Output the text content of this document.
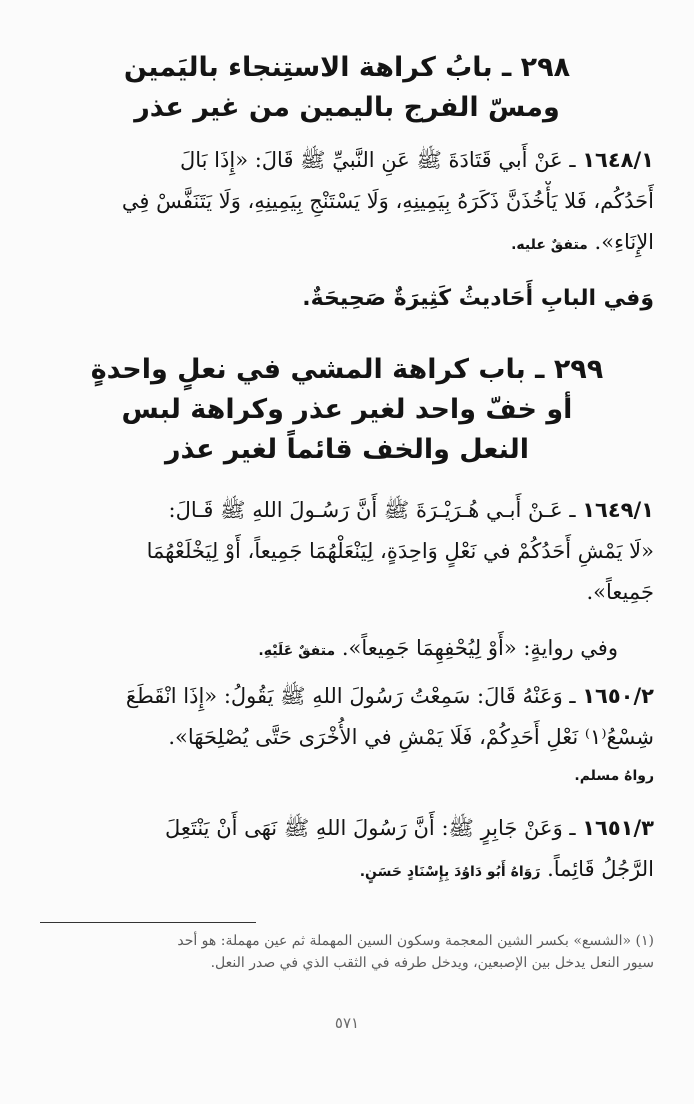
٢٩٨ ـ بابُ كراهة الاستِنجاء باليَمين
ومسّ الفرج باليمين من غير عذر
١٦٤٨/١ ـ عَنْ أَبي قَتَادَةَ ﷺ عَنِ النَّبيِّ ﷺ قَالَ: «إِذَا بَالَ
أَحَدُكُم، فَلا يَأْخُذَنَّ ذَكَرَهُ بِيَمِينِهِ، وَلَا يَسْتَنْجِ بِيَمِينِهِ، وَلَا يَتَنَفَّسْ فِي
الإِنَاءِ». متفقٌ عليه.
وَفي البابِ أَحَاديثُ كَثِيرَةٌ صَحِيحَةٌ.
٢٩٩ ـ باب كراهة المشي في نعلٍ واحدةٍ
أو خفّ واحد لغير عذر وكراهة لبس
النعل والخف قائماً لغير عذر
١٦٤٩/١ ـ عَـنْ أَبـي هُـرَيْـرَةَ ﷺ أَنَّ رَسُـولَ اللهِ ﷺ قَـالَ:
«لَا يَمْشِ أَحَدُكُمْ في نَعْلٍ وَاحِدَةٍ، لِيَنْعَلْهُمَا جَمِيعاً، أَوْ لِيَخْلَعْهُمَا
جَمِيعاً».
وفي روايةٍ: «أَوْ لِيُحْفِهِمَا جَمِيعاً». متفقٌ عَلَيْهِ.
١٦٥٠/٢ ـ وَعَنْهُ قَالَ: سَمِعْتُ رَسُولَ اللهِ ﷺ يَقُولُ: «إِذَا انْقَطَعَ
شِسْعُ⁽١⁾ نَعْلِ أَحَدِكُمْ، فَلَا يَمْشِ في الأُخْرَى حَتَّى يُصْلِحَهَا».
رواهُ مسلم.
١٦٥١/٣ ـ وَعَنْ جَابِرٍ ﷺ: أَنَّ رَسُولَ اللهِ ﷺ نَهَى أَنْ يَنْتَعِلَ
الرَّجُلُ قَائِماً. رَوَاهُ أَبُو دَاوُدَ بِإِسْنَادٍ حَسَنٍ.
(١) «الشسع» بكسر الشين المعجمة وسكون السين المهملة ثم عين مهملة: هو أحد
سيور النعل يدخل بين الإصبعين، ويدخل طرفه في الثقب الذي في صدر النعل.
٥٧١
